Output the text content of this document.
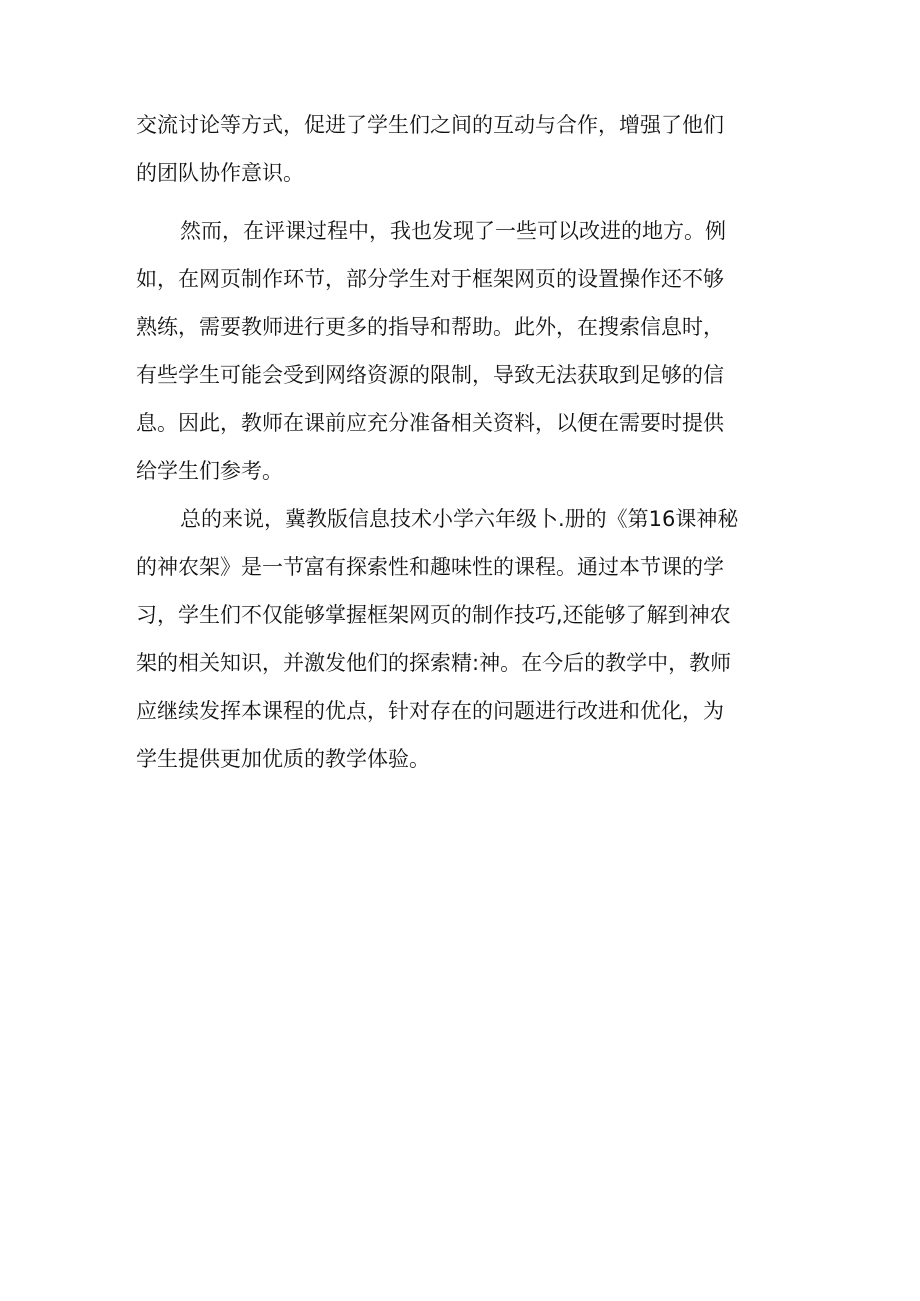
交流讨论等方式，促进了学生们之间的互动与合作，增强了他们
的团队协作意识。
然而，在评课过程中，我也发现了一些可以改进的地方。例
如，在网页制作环节，部分学生对于框架网页的设置操作还不够
熟练，需要教师进行更多的指导和帮助。此外，在搜索信息时，
有些学生可能会受到网络资源的限制，导致无法获取到足够的信
息。因此，教师在课前应充分准备相关资料，以便在需要时提供
给学生们参考。
总的来说，冀教版信息技术小学六年级卜.册的《第16课神秘
的神农架》是一节富有探索性和趣味性的课程。通过本节课的学
习，学生们不仅能够掌握框架网页的制作技巧,还能够了解到神农
架的相关知识，并激发他们的探索精:神。在今后的教学中，教师
应继续发挥本课程的优点，针对存在的问题进行改进和优化，为
学生提供更加优质的教学体验。
